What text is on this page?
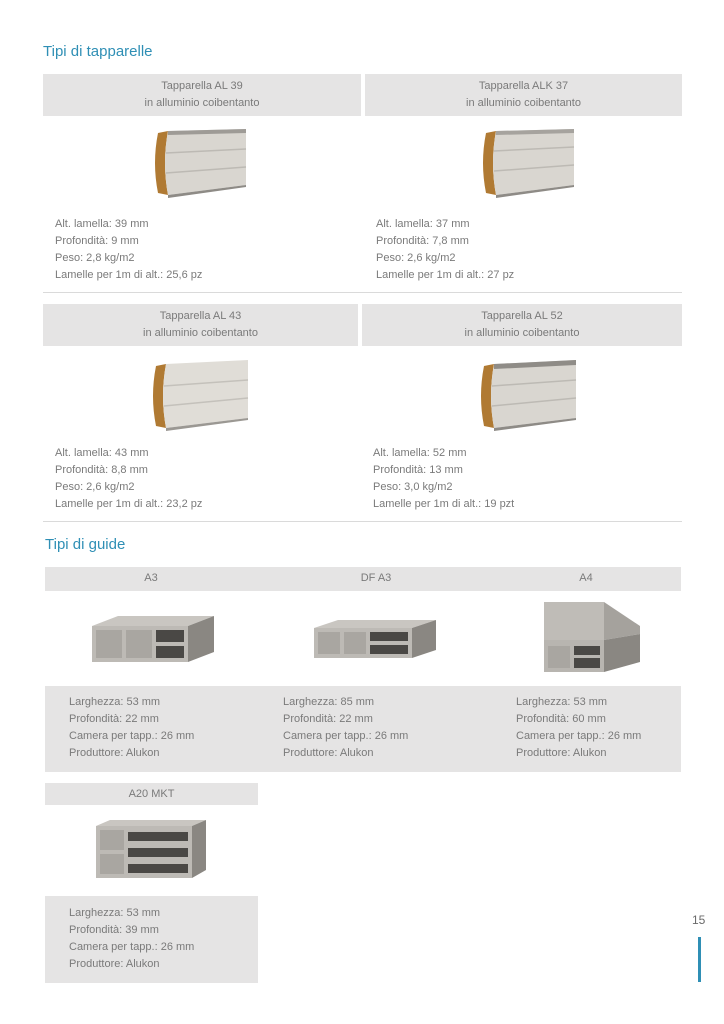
Tipi di tapparelle
Tapparella AL 39
in alluminio coibentanto
Tapparella ALK 37
in alluminio coibentanto
Alt. lamella: 39 mm
Profondità: 9 mm
Peso: 2,8 kg/m2
Lamelle per 1m di alt.: 25,6 pz
Alt. lamella: 37 mm
Profondità: 7,8 mm
Peso: 2,6 kg/m2
Lamelle per 1m di alt.: 27 pz
Tapparella AL 43
in alluminio coibentanto
Tapparella AL 52
in alluminio coibentanto
Alt. lamella: 43 mm
Profondità: 8,8 mm
Peso: 2,6 kg/m2
Lamelle per 1m di alt.: 23,2 pz
Alt. lamella: 52 mm
Profondità: 13 mm
Peso: 3,0 kg/m2
Lamelle per 1m di alt.: 19 pzt
Tipi di guide
A3	DF A3	A4
Larghezza: 53 mm
Profondità: 22 mm
Camera per tapp.: 26 mm
Produttore: Alukon
Larghezza: 85 mm
Profondità: 22 mm
Camera per tapp.: 26 mm
Produttore: Alukon
Larghezza: 53 mm
Profondità: 60 mm
Camera per tapp.: 26 mm
Produttore: Alukon
A20 MKT
Larghezza: 53 mm
Profondità: 39 mm
Camera per tapp.: 26 mm
Produttore: Alukon
15
